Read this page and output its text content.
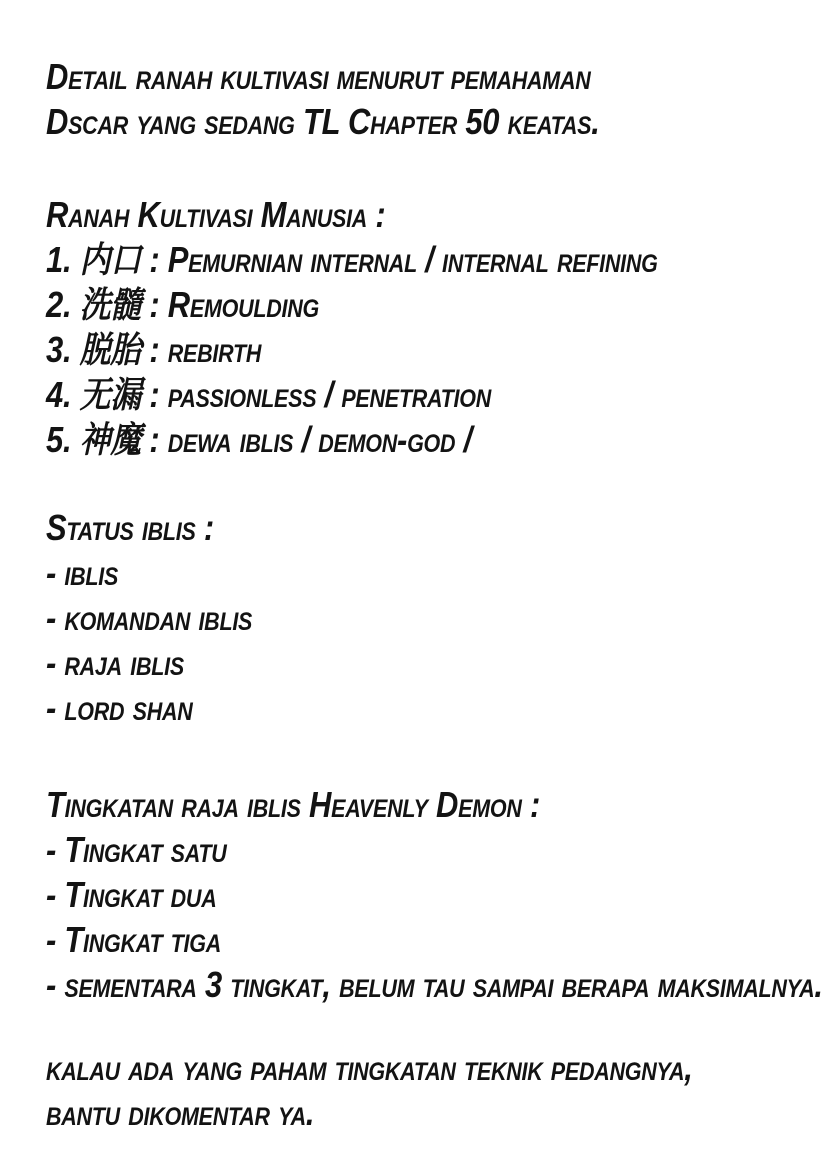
Detail ranah kultivasi menurut pemahaman
Dscar yang sedang TL Chapter 50 keatas.
Ranah Kultivasi Manusia :
1. 内口 : Pemurnian internal / internal refining
2. 洗髓 : Remoulding
3. 脱胎 : rebirth
4. 无漏 : passionless / penetration
5. 神魔 : dewa iblis / demon-god /
Status iblis :
- iblis
- komandan iblis
- raja iblis
- lord shan
Tingkatan raja iblis Heavenly Demon :
- Tingkat satu
- Tingkat dua
- Tingkat tiga
- sementara 3 tingkat, belum tau sampai berapa maksimalnya.
kalau ada yang paham tingkatan teknik pedangnya,
bantu dikomentar ya.
